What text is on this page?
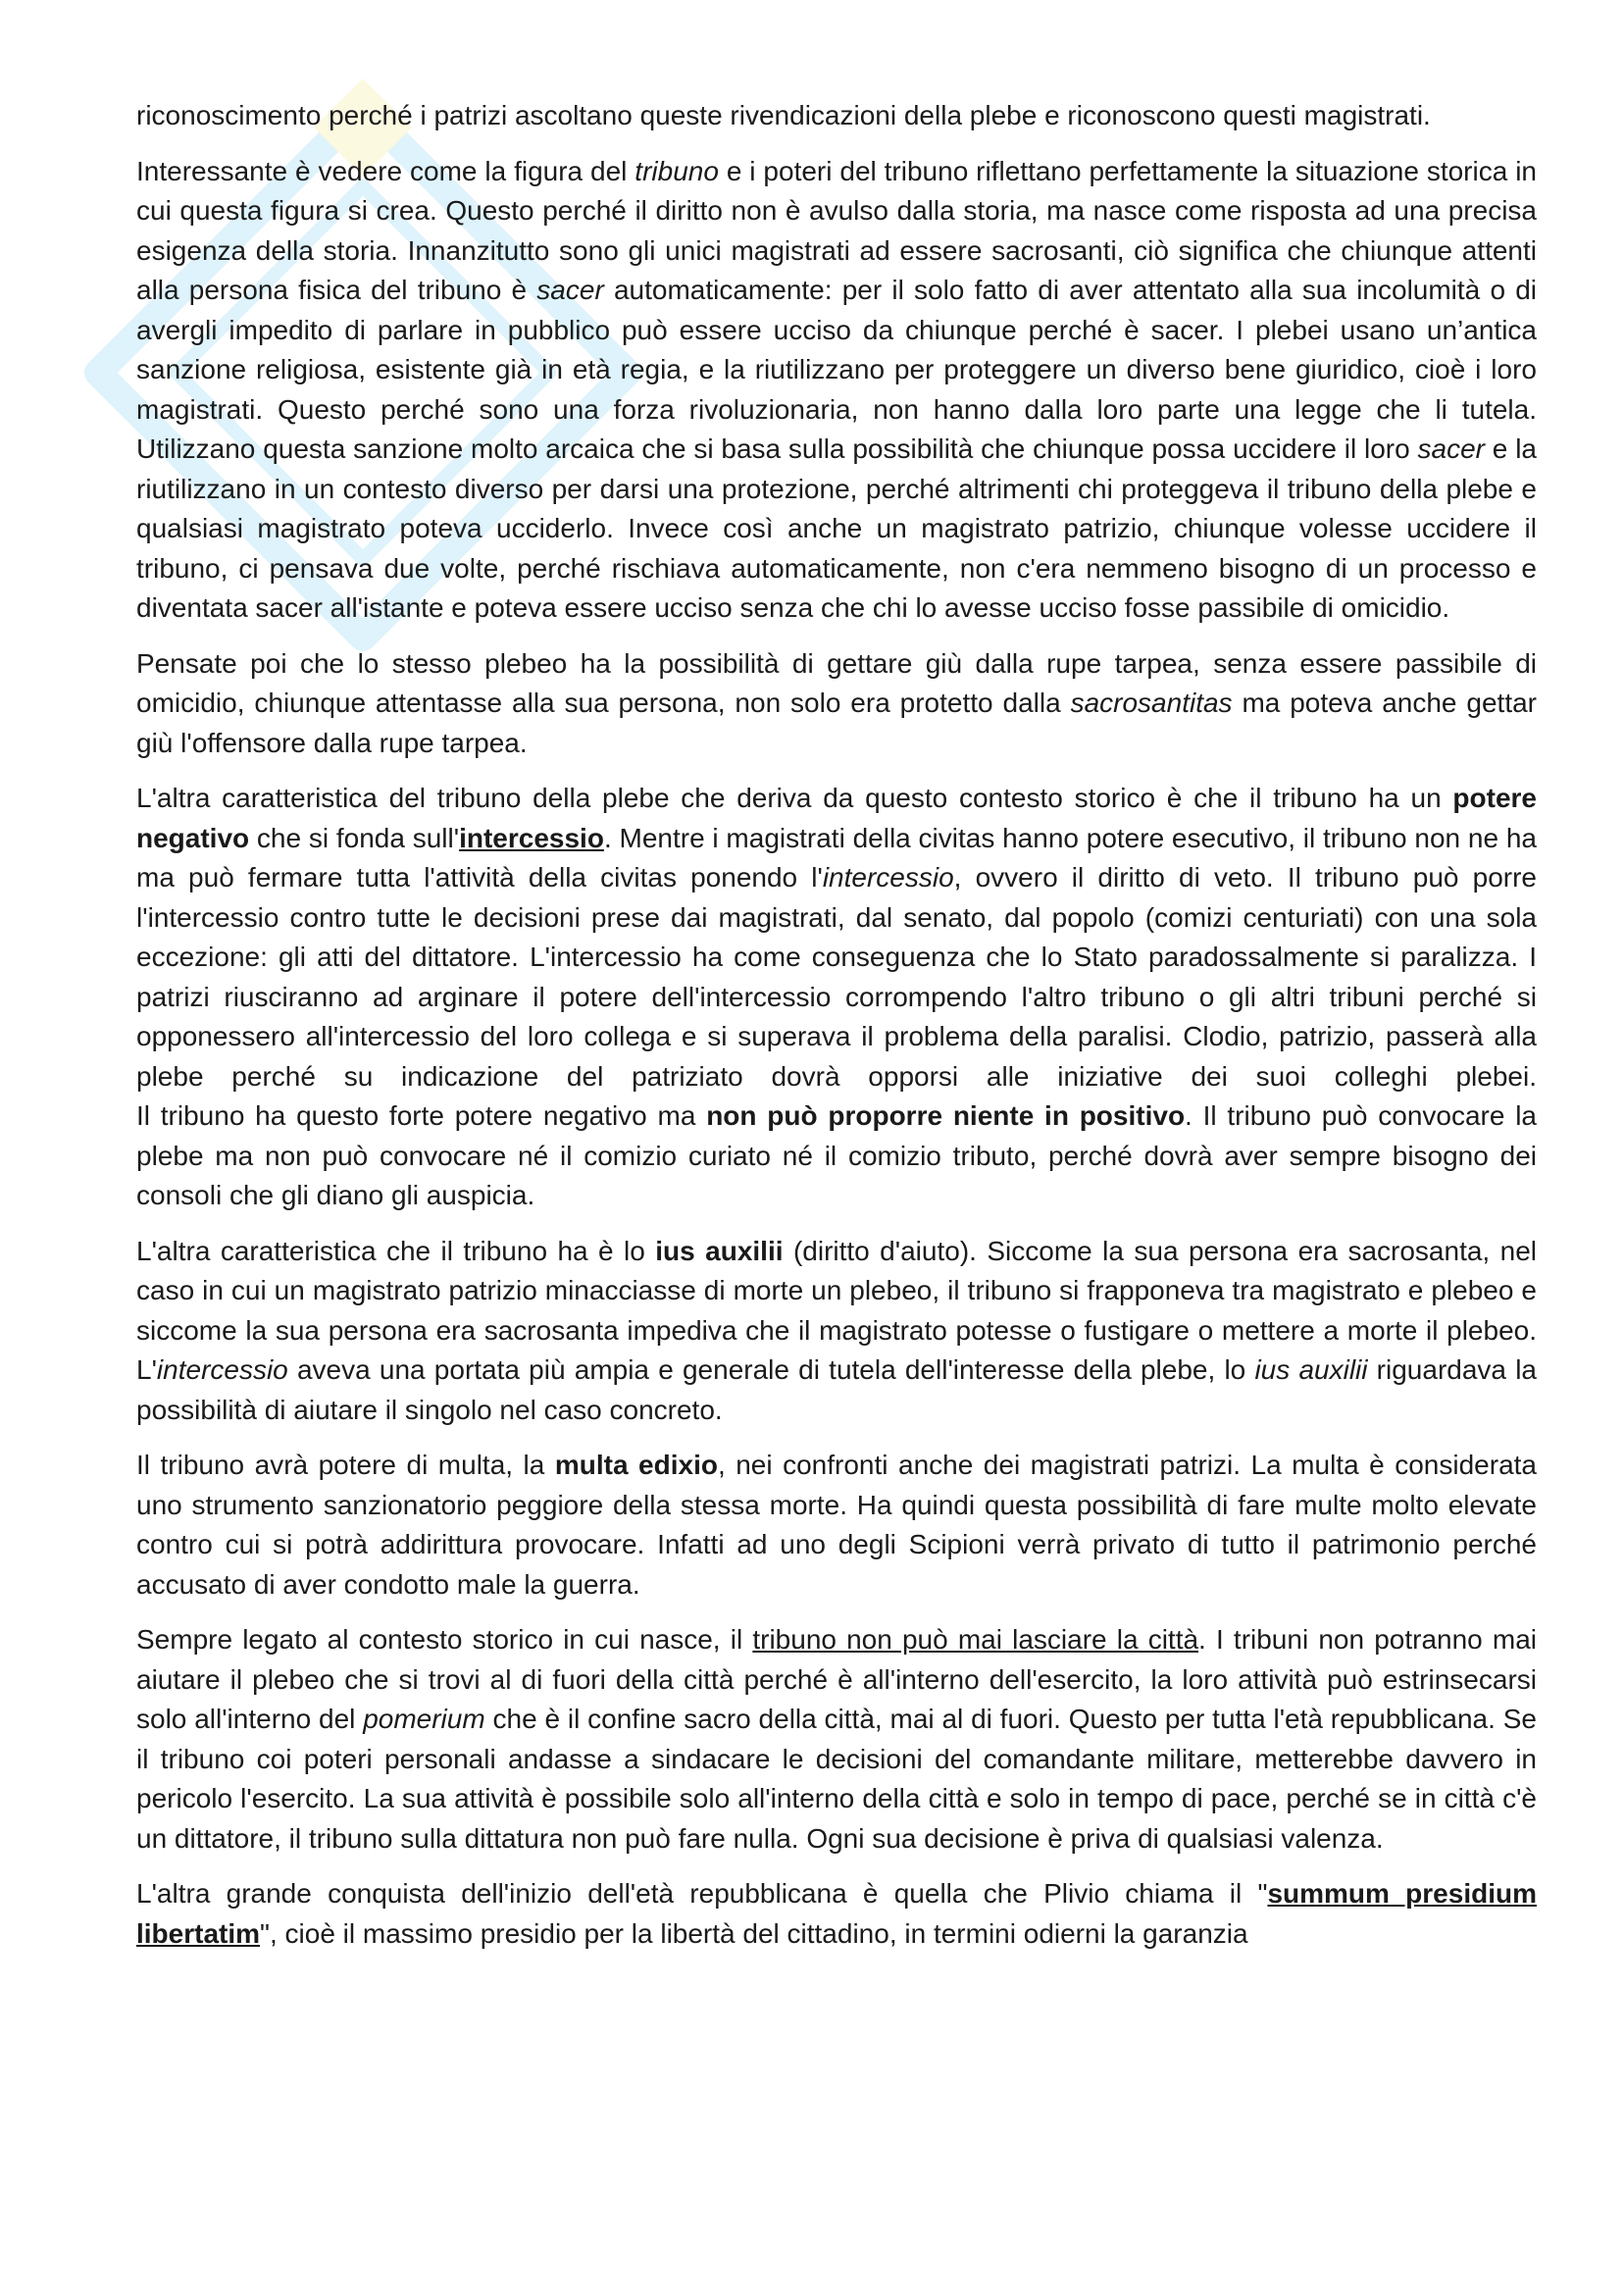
riconoscimento perché i patrizi ascoltano queste rivendicazioni della plebe e riconoscono questi magistrati.

Interessante è vedere come la figura del tribuno e i poteri del tribuno riflettano perfettamente la situazione storica in cui questa figura si crea. Questo perché il diritto non è avulso dalla storia, ma nasce come risposta ad una precisa esigenza della storia. Innanzitutto sono gli unici magistrati ad essere sacrosanti, ciò significa che chiunque attenti alla persona fisica del tribuno è sacer automaticamente: per il solo fatto di aver attentato alla sua incolumità o di avergli impedito di parlare in pubblico può essere ucciso da chiunque perché è sacer. I plebei usano un’antica sanzione religiosa, esistente già in età regia, e la riutilizzano per proteggere un diverso bene giuridico, cioè i loro magistrati. Questo perché sono una forza rivoluzionaria, non hanno dalla loro parte una legge che li tutela. Utilizzano questa sanzione molto arcaica che si basa sulla possibilità che chiunque possa uccidere il loro sacer e la riutilizzano in un contesto diverso per darsi una protezione, perché altrimenti chi proteggeva il tribuno della plebe e qualsiasi magistrato poteva ucciderlo. Invece così anche un magistrato patrizio, chiunque volesse uccidere il tribuno, ci pensava due volte, perché rischiava automaticamente, non c'era nemmeno bisogno di un processo e diventata sacer all'istante e poteva essere ucciso senza che chi lo avesse ucciso fosse passibile di omicidio.

Pensate poi che lo stesso plebeo ha la possibilità di gettare giù dalla rupe tarpea, senza essere passibile di omicidio, chiunque attentasse alla sua persona, non solo era protetto dalla sacrosantitas ma poteva anche gettar giù l'offensore dalla rupe tarpea.

L'altra caratteristica del tribuno della plebe che deriva da questo contesto storico è che il tribuno ha un potere negativo che si fonda sull'intercessio. Mentre i magistrati della civitas hanno potere esecutivo, il tribuno non ne ha ma può fermare tutta l'attività della civitas ponendo l'intercessio, ovvero il diritto di veto. Il tribuno può porre l'intercessio contro tutte le decisioni prese dai magistrati, dal senato, dal popolo (comizi centuriati) con una sola eccezione: gli atti del dittatore. L'intercessio ha come conseguenza che lo Stato paradossalmente si paralizza. I patrizi riusciranno ad arginare il potere dell'intercessio corrompendo l'altro tribuno o gli altri tribuni perché si opponessero all'intercessio del loro collega e si superava il problema della paralisi. Clodio, patrizio, passerà alla plebe perché su indicazione del patriziato dovrà opporsi alle iniziative dei suoi colleghi plebei.

Il tribuno ha questo forte potere negativo ma non può proporre niente in positivo. Il tribuno può convocare la plebe ma non può convocare né il comizio curiato né il comizio tributo, perché dovrà aver sempre bisogno dei consoli che gli diano gli auspicia.

L'altra caratteristica che il tribuno ha è lo ius auxilii (diritto d'aiuto). Siccome la sua persona era sacrosanta, nel caso in cui un magistrato patrizio minacciasse di morte un plebeo, il tribuno si frapponeva tra magistrato e plebeo e siccome la sua persona era sacrosanta impediva che il magistrato potesse o fustigare o mettere a morte il plebeo. L'intercessio aveva una portata più ampia e generale di tutela dell'interesse della plebe, lo ius auxilii riguardava la possibilità di aiutare il singolo nel caso concreto.

Il tribuno avrà potere di multa, la multa edixio, nei confronti anche dei magistrati patrizi. La multa è considerata uno strumento sanzionatorio peggiore della stessa morte. Ha quindi questa possibilità di fare multe molto elevate contro cui si potrà addirittura provocare. Infatti ad uno degli Scipioni verrà privato di tutto il patrimonio perché accusato di aver condotto male la guerra.

Sempre legato al contesto storico in cui nasce, il tribuno non può mai lasciare la città. I tribuni non potranno mai aiutare il plebeo che si trovi al di fuori della città perché è all'interno dell'esercito, la loro attività può estrinsecarsi solo all'interno del pomerium che è il confine sacro della città, mai al di fuori. Questo per tutta l'età repubblicana. Se il tribuno coi poteri personali andasse a sindacare le decisioni del comandante militare, metterebbe davvero in pericolo l'esercito. La sua attività è possibile solo all'interno della città e solo in tempo di pace, perché se in città c'è un dittatore, il tribuno sulla dittatura non può fare nulla. Ogni sua decisione è priva di qualsiasi valenza.

L'altra grande conquista dell'inizio dell'età repubblicana è quella che Plivio chiama il "summum presidium libertatim", cioè il massimo presidio per la libertà del cittadino, in termini odierni la garanzia
